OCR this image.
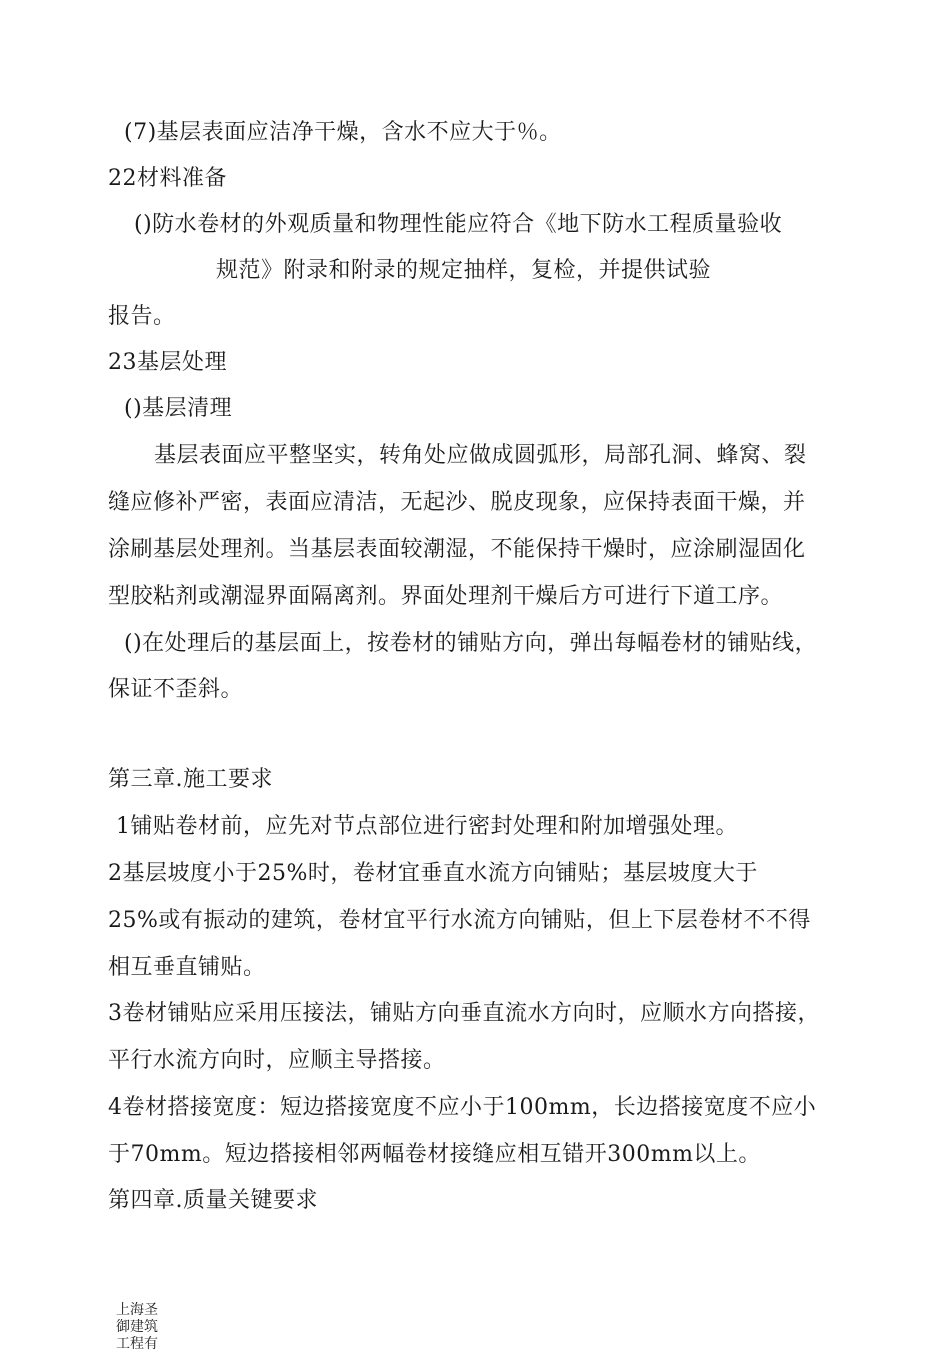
(7)基层表面应洁净干燥，含水不应大于％。
22材料准备
()防水卷材的外观质量和物理性能应符合《地下防水工程质量验收
规范》附录和附录的规定抽样，复检，并提供试验
报告。
23基层处理
()基层清理
基层表面应平整坚实，转角处应做成圆弧形，局部孔洞、蜂窝、裂
缝应修补严密，表面应清洁，无起沙、脱皮现象，应保持表面干燥，并
涂刷基层处理剂。当基层表面较潮湿，不能保持干燥时，应涂刷湿固化
型胶粘剂或潮湿界面隔离剂。界面处理剂干燥后方可进行下道工序。
()在处理后的基层面上，按卷材的铺贴方向，弹出每幅卷材的铺贴线，
保证不歪斜。
第三章.施工要求
1铺贴卷材前，应先对节点部位进行密封处理和附加增强处理。
2基层坡度小于25%时，卷材宜垂直水流方向铺贴；基层坡度大于
25%或有振动的建筑，卷材宜平行水流方向铺贴，但上下层卷材不不得
相互垂直铺贴。
3卷材铺贴应采用压接法，铺贴方向垂直流水方向时，应顺水方向搭接，
平行水流方向时，应顺主导搭接。
4卷材搭接宽度：短边搭接宽度不应小于100mm，长边搭接宽度不应小
于70mm。短边搭接相邻两幅卷材接缝应相互错开300mm以上。
第四章.质量关键要求
上海圣御建筑工程有
